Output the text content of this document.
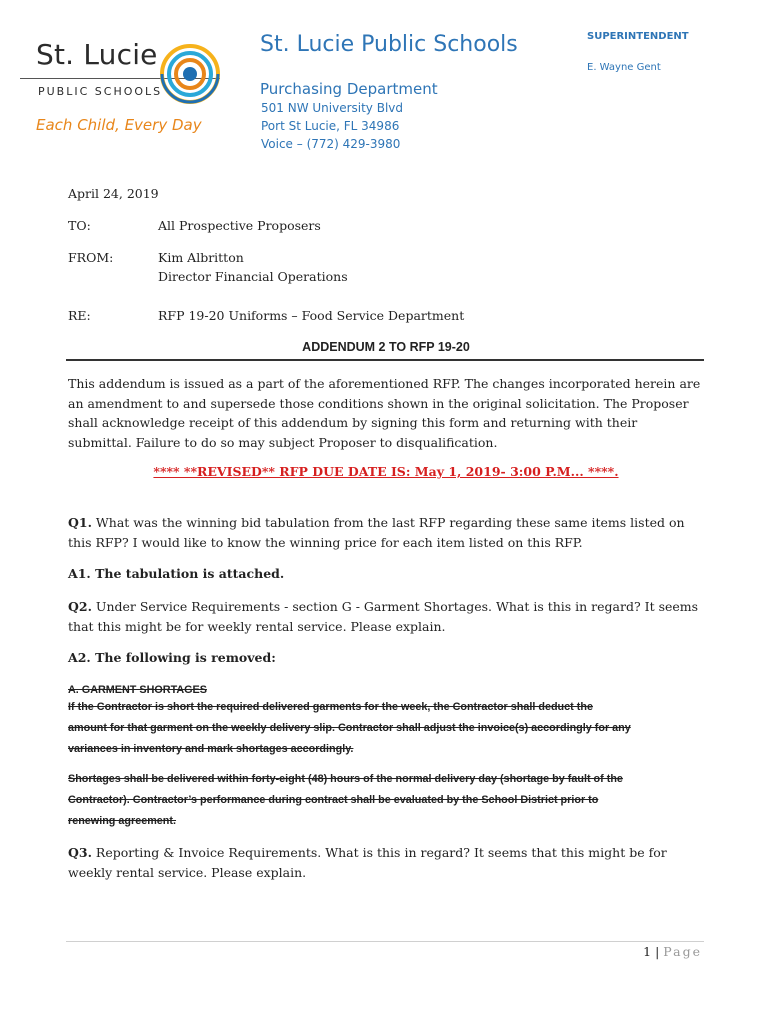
St. Lucie
PUBLIC SCHOOLS
Each Child, Every Day
St. Lucie Public Schools
Purchasing Department
501 NW University Blvd
Port St Lucie, FL 34986
Voice – (772) 429-3980
SUPERINTENDENT
E. Wayne Gent
April 24, 2019
TO:	All Prospective Proposers
FROM:	Kim Albritton
Director Financial Operations
RE:	RFP 19-20 Uniforms – Food Service Department
ADDENDUM 2 TO RFP 19-20
This addendum is issued as a part of the aforementioned RFP. The changes incorporated herein are an amendment to and supersede those conditions shown in the original solicitation. The Proposer shall acknowledge receipt of this addendum by signing this form and returning with their submittal. Failure to do so may subject Proposer to disqualification.
**** **REVISED** RFP DUE DATE IS: May 1, 2019- 3:00 P.M... ****.
Q1. What was the winning bid tabulation from the last RFP regarding these same items listed on this RFP? I would like to know the winning price for each item listed on this RFP.
A1. The tabulation is attached.
Q2. Under Service Requirements - section G - Garment Shortages. What is this in regard? It seems that this might be for weekly rental service. Please explain.
A2. The following is removed:
A. GARMENT SHORTAGES
If the Contractor is short the required delivered garments for the week, the Contractor shall deduct the
amount for that garment on the weekly delivery slip. Contractor shall adjust the invoice(s) accordingly for any
variances in inventory and mark shortages accordingly.
Shortages shall be delivered within forty-eight (48) hours of the normal delivery day (shortage by fault of the
Contractor). Contractor’s performance during contract shall be evaluated by the School District prior to
renewing agreement.
Q3. Reporting & Invoice Requirements. What is this in regard? It seems that this might be for weekly rental service. Please explain.
1 | Page
